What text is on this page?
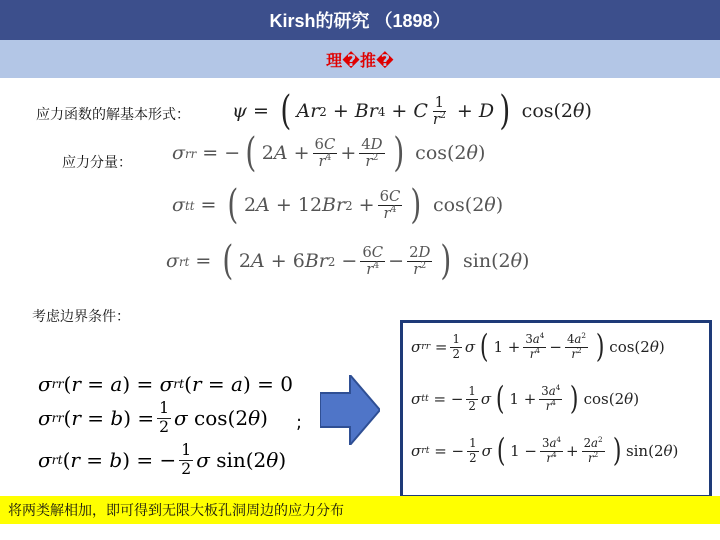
Kirsh的研究 （1898）
理�推�
应力函数的解基本形式： ψ = ( Ar 2 + Br 4 + C $\frac{1}{r^2} + D$ ) cos(2 θ )
应力分量： σ rr = − ( 2 $A + \frac{6C}{r^4} + \frac{4D}{r^2}$ ) cos(2 θ )
σ tt = ( 2 A + 12 Br $2 + \frac{6C}{r^4}$ ) cos(2 θ )
σ rt = ( 2 A + 6 Br $2 - \frac{6C}{r^4} - \frac{2D}{r^2}$ ) sin(2 θ )
考虑边界条件：
σ rr ( r = a ) = σ rt ( r = a ) = 0
σ rr ( r = b ) = $\frac{1}{2}$ σ cos(2 θ )
σ rt ( r = b ) = − $\frac{1}{2}$ σ sin(2 θ )
;
σ rr = $\frac{1}{2}$ σ ( $1 + \frac{3a^4}{r^4} - \frac{4a^2}{r^2}$ ) cos(2 θ )
σ tt = − $\frac{1}{2}$ σ ( $1 + \frac{3a^4}{r^4}$ ) cos(2 θ )
σ rt = − $\frac{1}{2}$ σ ( $1 - \frac{3a^4}{r^4} + \frac{2a^2}{r^2}$ ) sin(2 θ )
将两类解相加，即可得到无限大板孔洞周边的应力分布
